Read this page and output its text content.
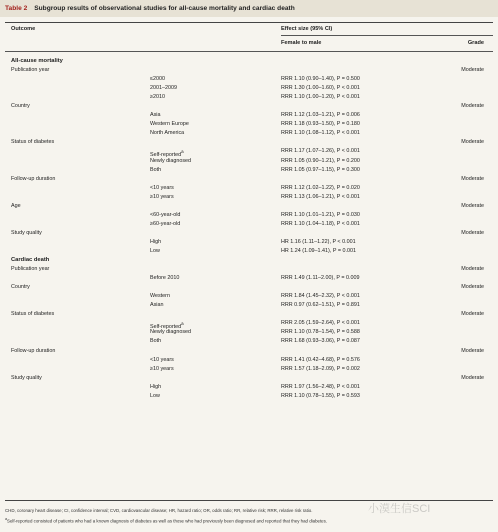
Table 2 Subgroup results of observational studies for all-cause mortality and cardiac death
Outcome	Effect size (95% CI)
Female to male	Grade
All-cause mortality
Publication year	Moderate
≤2000	RRR 1.10 (0.90–1.40), P = 0.500
2001–2009	RRR 1.30 (1.00–1.60), P < 0.001
≥2010	RRR 1.10 (1.00–1.20), P < 0.001
Country	Moderate
Asia	RRR 1.12 (1.03–1.21), P = 0.006
Western Europe	RRR 1.18 (0.93–1.50), P = 0.180
North America	RRR 1.10 (1.08–1.12), P < 0.001
Status of diabetes	Moderate
Self-reported$^a$	RRR 1.17 (1.07–1.26), P < 0.001
Newly diagnosed	RRR 1.05 (0.90–1.21), P = 0.200
Both	RRR 1.05 (0.97–1.15), P = 0.300
Follow-up duration	Moderate
<10 years	RRR 1.12 (1.02–1.22), P = 0.020
≥10 years	RRR 1.13 (1.06–1.21), P < 0.001
Age	Moderate
<60-year-old	RRR 1.10 (1.01–1.21), P = 0.030
≥60-year-old	RRR 1.10 (1.04–1.18), P < 0.001
Study quality	Moderate
High	HR 1.16 (1.11–1.22), P < 0.001
Low	HR 1.24 (1.09–1.41), P = 0.001
Cardiac death
Publication year	Moderate
Before 2010	RRR 1.49 (1.11–2.00), P = 0.009
Country	Moderate
Western	RRR 1.84 (1.45–2.32), P < 0.001
Asian	RRR 0.97 (0.62–1.51), P = 0.891
Status of diabetes	Moderate
Self-reported$^a$	RRR 2.05 (1.59–2.64), P < 0.001
Newly diagnosed	RRR 1.10 (0.78–1.54), P = 0.588
Both	RRR 1.68 (0.93–3.06), P = 0.087
Follow-up duration	Moderate
<10 years	RRR 1.41 (0.42–4.68), P = 0.576
≥10 years	RRR 1.57 (1.18–2.09), P = 0.002
Study quality	Moderate
High	RRR 1.97 (1.56–2.48), P < 0.001
Low	RRR 1.10 (0.78–1.55), P = 0.593
CHD, coronary heart disease; CI, confidence interval; CVD, cardiovascular disease; HR, hazard ratio; OR, odds ratio; RR, relative risk; RRR, relative risk ratio.
$^a$Self-reported consisted of patients who had a known diagnosis of diabetes as well as those who had previously been diagnosed and reported that they had diabetes.
小漠生信SCI
